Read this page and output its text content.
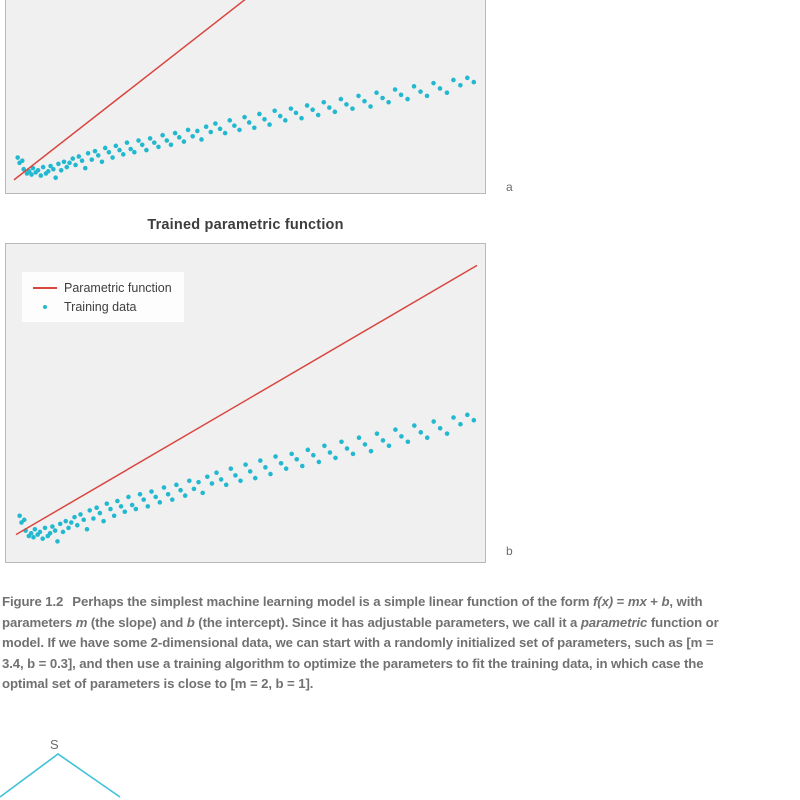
a
Trained parametric function
b
Parametric function
Training data
Figure 1.2 Perhaps the simplest machine learning model is a simple linear function of the form f(x) = mx + b, with parameters m (the slope) and b (the intercept). Since it has adjustable parameters, we call it a parametric function or model. If we have some 2-dimensional data, we can start with a randomly initialized set of parameters, such as [m = 3.4, b = 0.3], and then use a training algorithm to optimize the parameters to fit the training data, in which case the optimal set of parameters is close to [m = 2, b = 1].
S
